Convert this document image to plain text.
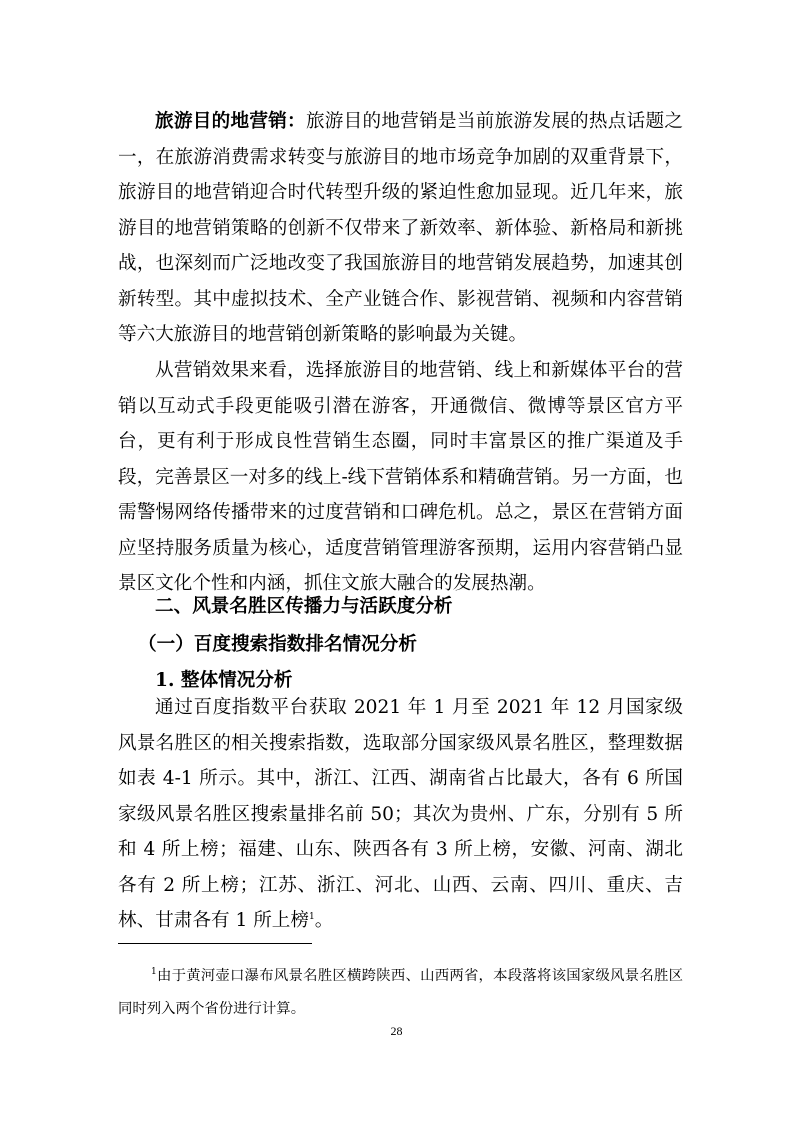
旅游目的地营销：旅游目的地营销是当前旅游发展的热点话题之一，在旅游消费需求转变与旅游目的地市场竞争加剧的双重背景下，旅游目的地营销迎合时代转型升级的紧迫性愈加显现。近几年来，旅游目的地营销策略的创新不仅带来了新效率、新体验、新格局和新挑战，也深刻而广泛地改变了我国旅游目的地营销发展趋势，加速其创新转型。其中虚拟技术、全产业链合作、影视营销、视频和内容营销等六大旅游目的地营销创新策略的影响最为关键。

从营销效果来看，选择旅游目的地营销、线上和新媒体平台的营销以互动式手段更能吸引潜在游客，开通微信、微博等景区官方平台，更有利于形成良性营销生态圈，同时丰富景区的推广渠道及手段，完善景区一对多的线上-线下营销体系和精确营销。另一方面，也需警惕网络传播带来的过度营销和口碑危机。总之，景区在营销方面应坚持服务质量为核心，适度营销管理游客预期，运用内容营销凸显景区文化个性和内涵，抓住文旅大融合的发展热潮。

二、风景名胜区传播力与活跃度分析

（一）百度搜索指数排名情况分析

1. 整体情况分析

通过百度指数平台获取 2021 年 1 月至 2021 年 12 月国家级风景名胜区的相关搜索指数，选取部分国家级风景名胜区，整理数据如表 4-1 所示。其中，浙江、江西、湖南省占比最大，各有 6 所国家级风景名胜区搜索量排名前 50；其次为贵州、广东，分别有 5 所和 4 所上榜；福建、山东、陕西各有 3 所上榜，安徽、河南、湖北各有 2 所上榜；江苏、浙江、河北、山西、云南、四川、重庆、吉林、甘肃各有 1 所上榜$^1$。

$^1$由于黄河壶口瀑布风景名胜区横跨陕西、山西两省，本段落将该国家级风景名胜区同时列入两个省份进行计算。

28
